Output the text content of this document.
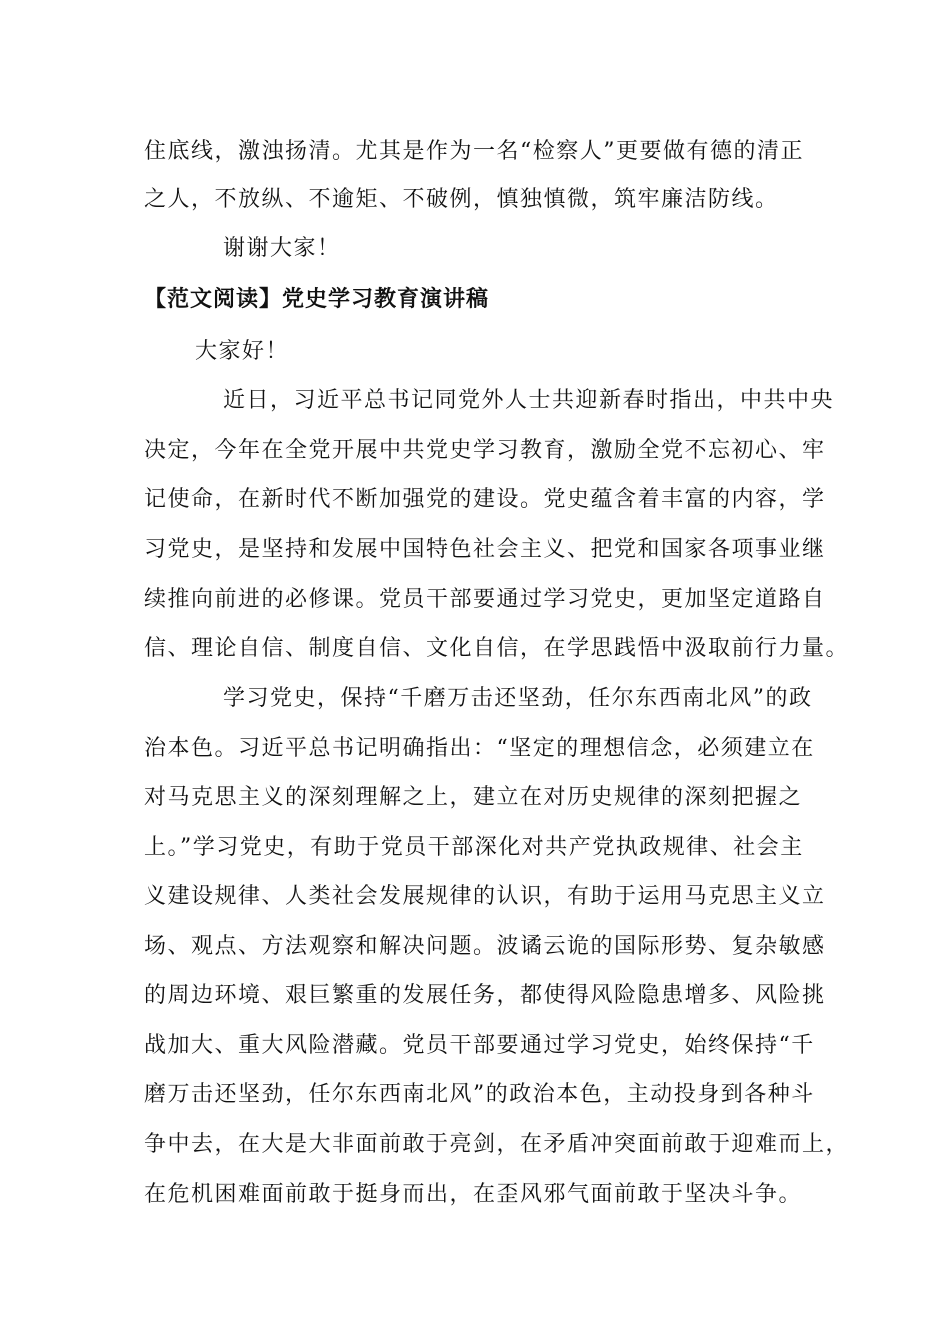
住底线，激浊扬清。尤其是作为一名“检察人”更要做有德的清正
之人，不放纵、不逾矩、不破例，慎独慎微，筑牢廉洁防线。
谢谢大家！
【范文阅读】党史学习教育演讲稿
大家好！
近日，习近平总书记同党外人士共迎新春时指出，中共中央
决定，今年在全党开展中共党史学习教育，激励全党不忘初心、牢
记使命，在新时代不断加强党的建设。党史蕴含着丰富的内容，学
习党史，是坚持和发展中国特色社会主义、把党和国家各项事业继
续推向前进的必修课。党员干部要通过学习党史，更加坚定道路自
信、理论自信、制度自信、文化自信，在学思践悟中汲取前行力量。
学习党史，保持“千磨万击还坚劲，任尔东西南北风”的政
治本色。习近平总书记明确指出：“坚定的理想信念，必须建立在
对马克思主义的深刻理解之上，建立在对历史规律的深刻把握之
上。”学习党史，有助于党员干部深化对共产党执政规律、社会主
义建设规律、人类社会发展规律的认识，有助于运用马克思主义立
场、观点、方法观察和解决问题。波谲云诡的国际形势、复杂敏感
的周边环境、艰巨繁重的发展任务，都使得风险隐患增多、风险挑
战加大、重大风险潜藏。党员干部要通过学习党史，始终保持“千
磨万击还坚劲，任尔东西南北风”的政治本色，主动投身到各种斗
争中去，在大是大非面前敢于亮剑，在矛盾冲突面前敢于迎难而上，
在危机困难面前敢于挺身而出，在歪风邪气面前敢于坚决斗争。
